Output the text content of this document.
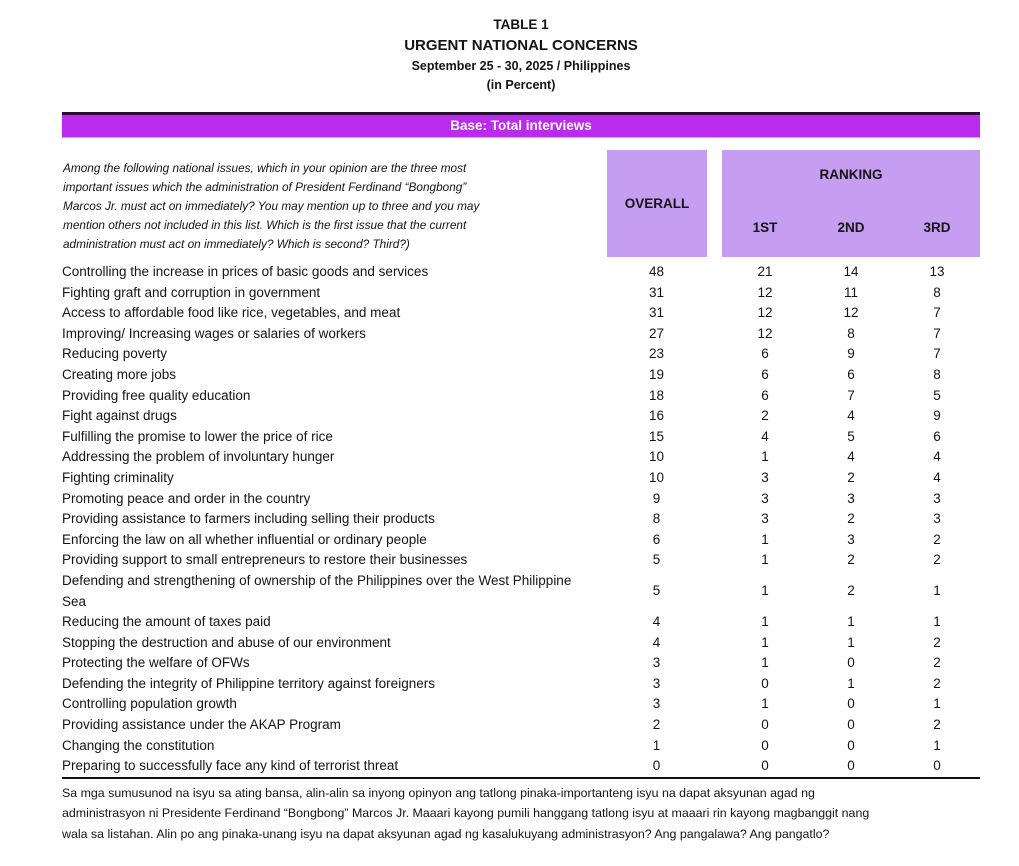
TABLE 1
URGENT NATIONAL CONCERNS
September 25 - 30, 2025 / Philippines
(in Percent)
Base: Total interviews
Among the following national issues, which in your opinion are the three most
important issues which the administration of President Ferdinand “Bongbong”
Marcos Jr. must act on immediately? You may mention up to three and you may
mention others not included in this list. Which is the first issue that the current
administration must act on immediately? Which is second? Third?)
OVERALL
RANKING
1ST	2ND	3RD
Controlling the increase in prices of basic goods and services	48	21	14	13
Fighting graft and corruption in government	31	12	11	8
Access to affordable food like rice, vegetables, and meat	31	12	12	7
Improving/ Increasing wages or salaries of workers	27	12	8	7
Reducing poverty	23	6	9	7
Creating more jobs	19	6	6	8
Providing free quality education	18	6	7	5
Fight against drugs	16	2	4	9
Fulfilling the promise to lower the price of rice	15	4	5	6
Addressing the problem of involuntary hunger	10	1	4	4
Fighting criminality	10	3	2	4
Promoting peace and order in the country	9	3	3	3
Providing assistance to farmers including selling their products	8	3	2	3
Enforcing the law on all whether influential or ordinary people	6	1	3	2
Providing support to small entrepreneurs to restore their businesses	5	1	2	2
Defending and strengthening of ownership of the Philippines over the West Philippine Sea
5	1	2	1
Reducing the amount of taxes paid	4	1	1	1
Stopping the destruction and abuse of our environment	4	1	1	2
Protecting the welfare of OFWs	3	1	0	2
Defending the integrity of Philippine territory against foreigners	3	0	1	2
Controlling population growth	3	1	0	1
Providing assistance under the AKAP Program	2	0	0	2
Changing the constitution	1	0	0	1
Preparing to successfully face any kind of terrorist threat	0	0	0	0
Sa mga sumusunod na isyu sa ating bansa, alin-alin sa inyong opinyon ang tatlong pinaka-importanteng isyu na dapat aksyunan agad ng
administrasyon ni Presidente Ferdinand “Bongbong” Marcos Jr. Maaari kayong pumili hanggang tatlong isyu at maaari rin kayong magbanggit nang
wala sa listahan. Alin po ang pinaka-unang isyu na dapat aksyunan agad ng kasalukuyang administrasyon? Ang pangalawa? Ang pangatlo?
